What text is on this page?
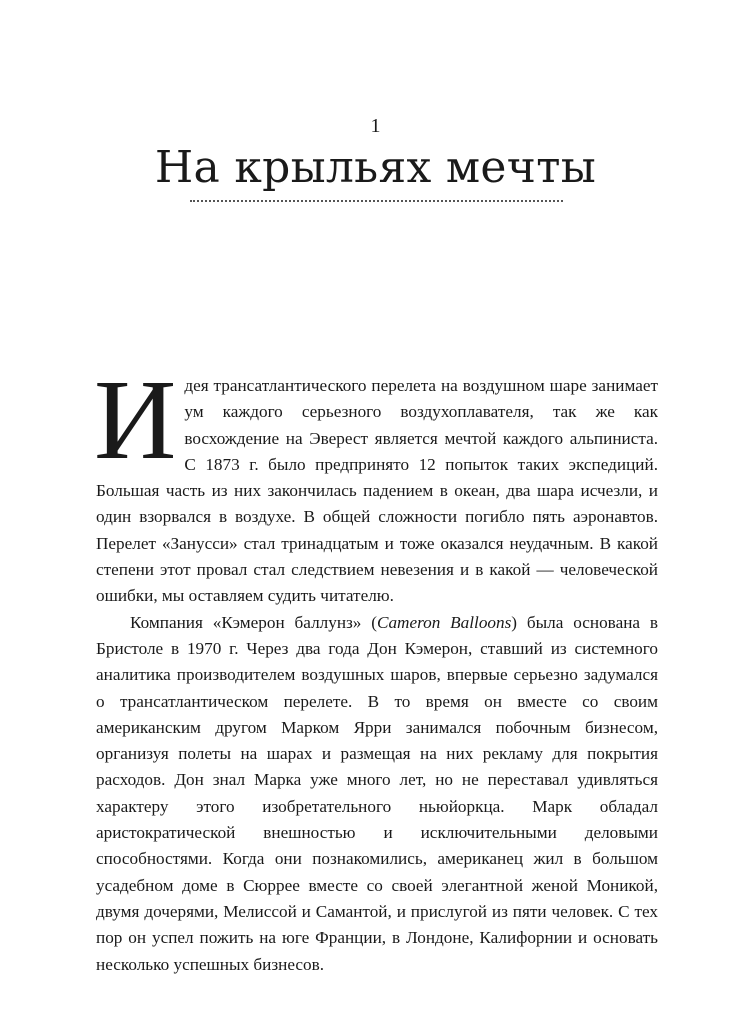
1
На крыльях мечты

Идея трансатлантического перелета на воздушном шаре занимает ум каждого серьезного воздухоплавателя, так же как восхождение на Эверест является мечтой каждого альпиниста. С 1873 г. было предпринято 12 попыток таких экспедиций. Большая часть из них закончилась падением в океан, два шара исчезли, и один взорвался в воздухе. В общей сложности погибло пять аэронавтов. Перелет «Занусси» стал тринадцатым и тоже оказался неудачным. В какой степени этот провал стал следствием невезения и в какой — человеческой ошибки, мы оставляем судить читателю.

Компания «Кэмерон баллунз» (Cameron Balloons) была основана в Бристоле в 1970 г. Через два года Дон Кэмерон, ставший из системного аналитика производителем воздушных шаров, впервые серьезно задумался о трансатлантическом перелете. В то время он вместе со своим американским другом Марком Ярри занимался побочным бизнесом, организуя полеты на шарах и размещая на них рекламу для покрытия расходов. Дон знал Марка уже много лет, но не переставал удивляться характеру этого изобретательного ньюйоркца. Марк обладал аристократической внешностью и исключительными деловыми способностями. Когда они познакомились, американец жил в большом усадебном доме в Сюррее вместе со своей элегантной женой Моникой, двумя дочерями, Мелиссой и Самантой, и прислугой из пяти человек. С тех пор он успел пожить на юге Франции, в Лондоне, Калифорнии и основать несколько успешных бизнесов.
